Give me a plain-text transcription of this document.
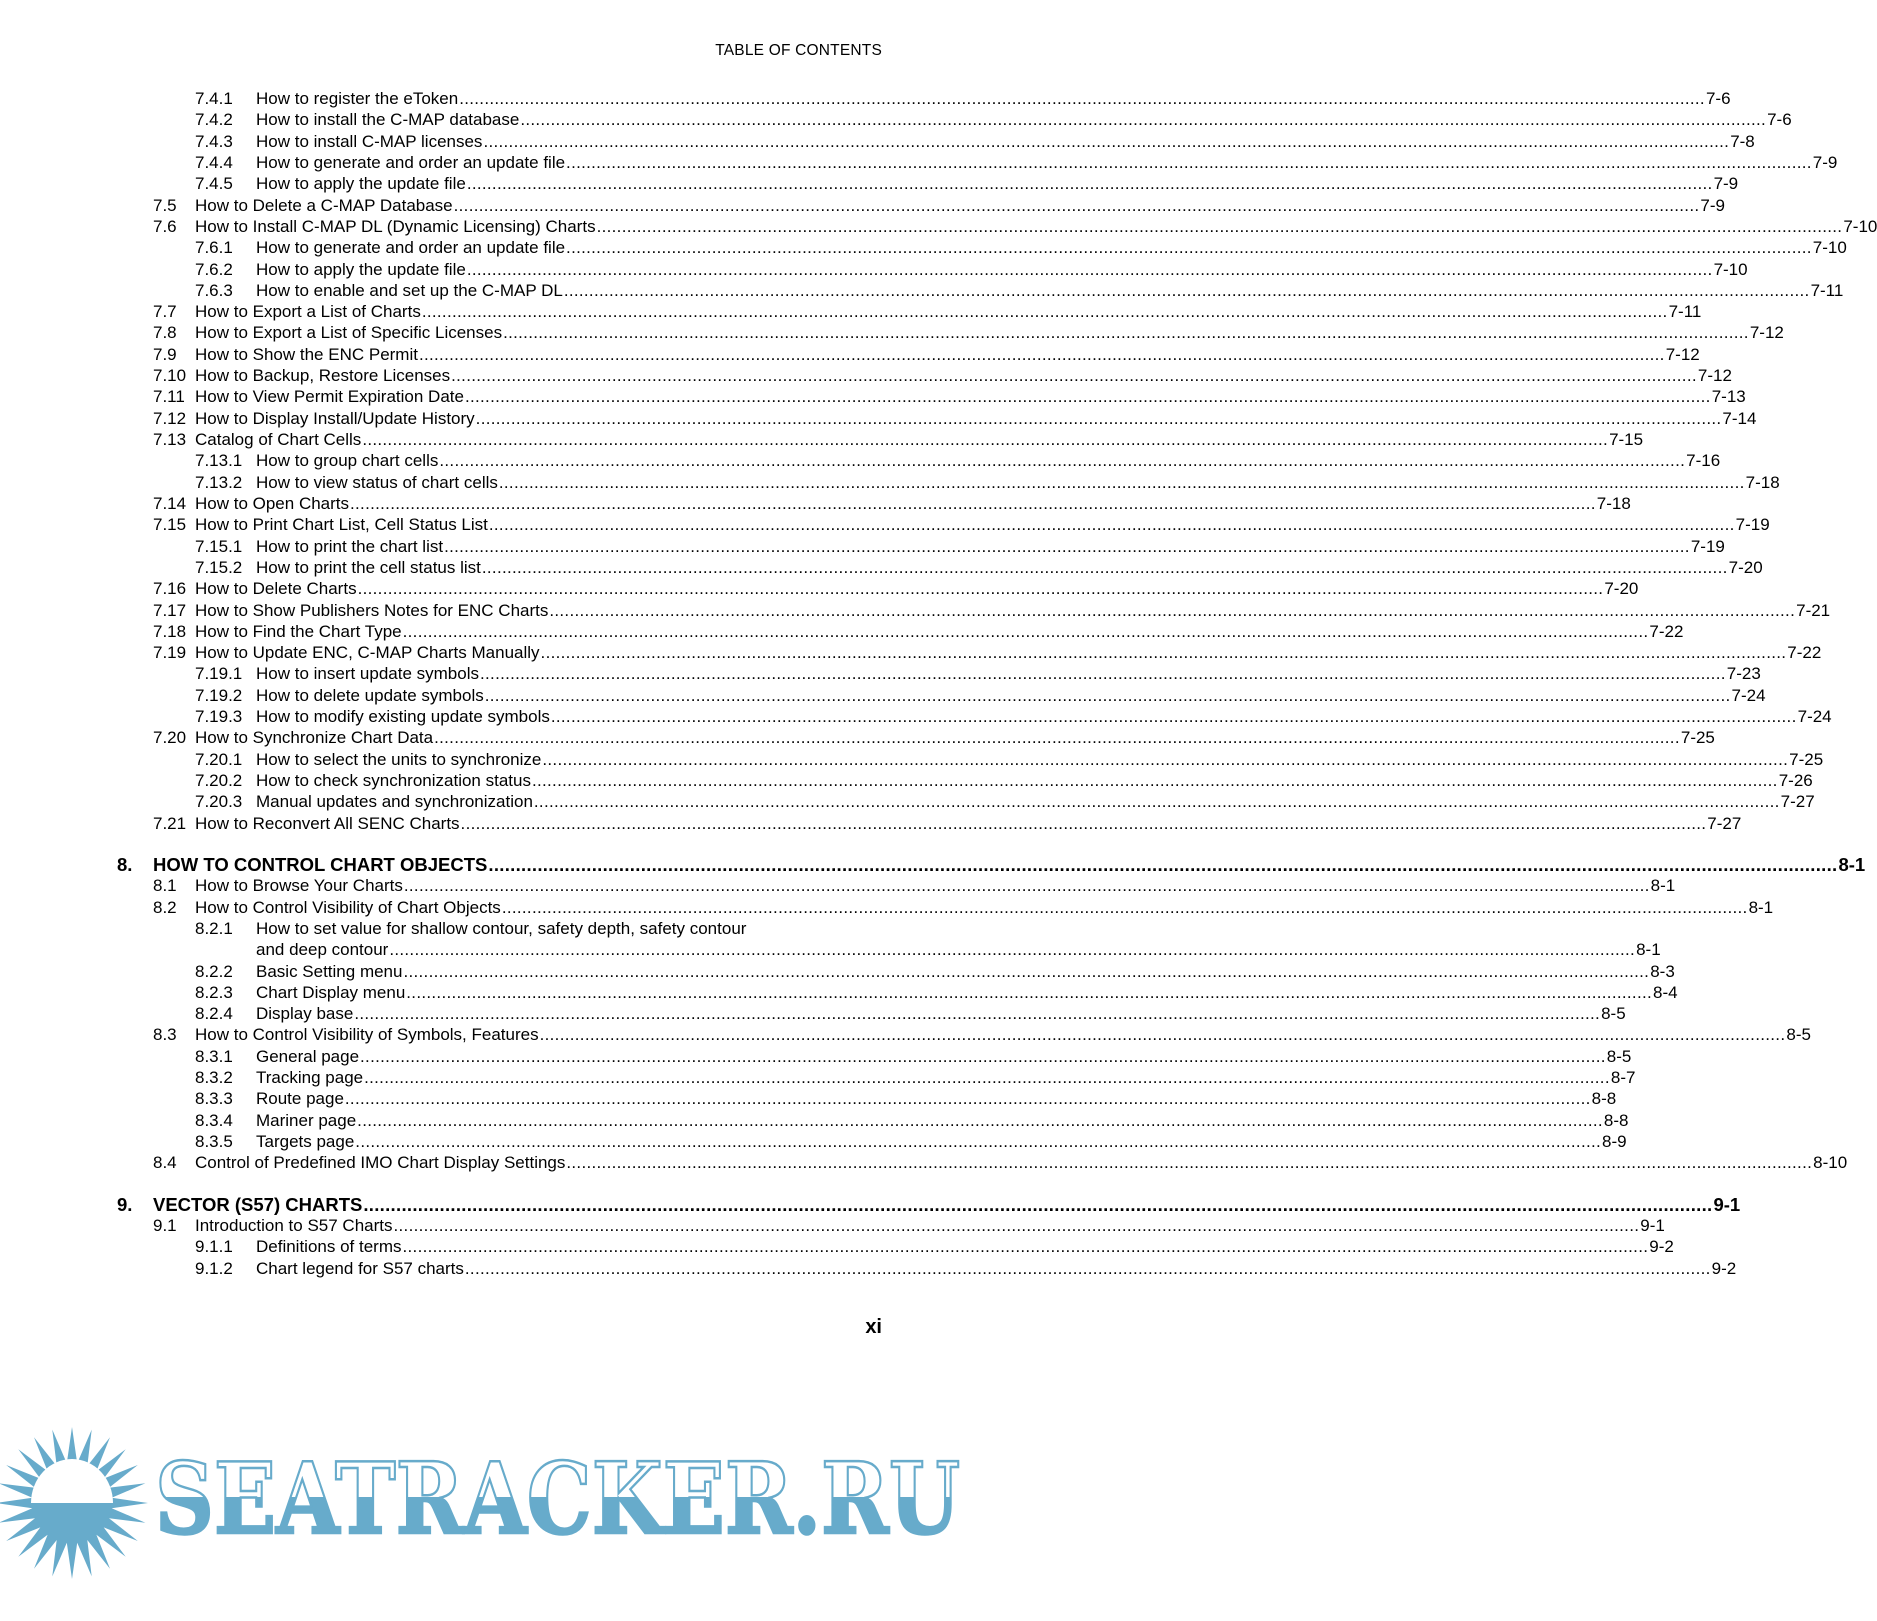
TABLE OF CONTENTS
7.4.1	How to register the eToken .....	7-6
7.4.2	How to install the C-MAP database .....	7-6
7.4.3	How to install C-MAP licenses .....	7-8
7.4.4	How to generate and order an update file .....	7-9
7.4.5	How to apply the update file .....	7-9
7.5	How to Delete a C-MAP Database .....	7-9
7.6	How to Install C-MAP DL (Dynamic Licensing) Charts .....	7-10
7.6.1	How to generate and order an update file .....	7-10
7.6.2	How to apply the update file .....	7-10
7.6.3	How to enable and set up the C-MAP DL .....	7-11
7.7	How to Export a List of Charts .....	7-11
7.8	How to Export a List of Specific Licenses .....	7-12
7.9	How to Show the ENC Permit .....	7-12
7.10 How to Backup, Restore Licenses .....	7-12
7.11 How to View Permit Expiration Date .....	7-13
7.12 How to Display Install/Update History .....	7-14
7.13 Catalog of Chart Cells .....	7-15
7.13.1 How to group chart cells .....	7-16
7.13.2 How to view status of chart cells .....	7-18
7.14 How to Open Charts .....	7-18
7.15 How to Print Chart List, Cell Status List .....	7-19
7.15.1 How to print the chart list .....	7-19
7.15.2 How to print the cell status list .....	7-20
7.16 How to Delete Charts .....	7-20
7.17 How to Show Publishers Notes for ENC Charts .....	7-21
7.18 How to Find the Chart Type .....	7-22
7.19 How to Update ENC, C-MAP Charts Manually .....	7-22
7.19.1 How to insert update symbols .....	7-23
7.19.2 How to delete update symbols .....	7-24
7.19.3 How to modify existing update symbols .....	7-24
7.20 How to Synchronize Chart Data .....	7-25
7.20.1 How to select the units to synchronize .....	7-25
7.20.2 How to check synchronization status .....	7-26
7.20.3 Manual updates and synchronization .....	7-27
7.21 How to Reconvert All SENC Charts .....	7-27
8.	HOW TO CONTROL CHART OBJECTS .....	8-1
8.1	How to Browse Your Charts .....	8-1
8.2	How to Control Visibility of Chart Objects .....	8-1
8.2.1	How to set value for shallow contour, safety depth, safety contour
and deep contour .....	8-1
8.2.2	Basic Setting menu .....	8-3
8.2.3	Chart Display menu .....	8-4
8.2.4	Display base .....	8-5
8.3	How to Control Visibility of Symbols, Features .....	8-5
8.3.1	General page .....	8-5
8.3.2	Tracking page .....	8-7
8.3.3	Route page .....	8-8
8.3.4	Mariner page .....	8-8
8.3.5	Targets page .....	8-9
8.4	Control of Predefined IMO Chart Display Settings .....	8-10
9.	VECTOR (S57) CHARTS .....	9-1
9.1	Introduction to S57 Charts .....	9-1
9.1.1	Definitions of terms .....	9-2
9.1.2	Chart legend for S57 charts .....	9-2
xi
SEATRACKER.RU
